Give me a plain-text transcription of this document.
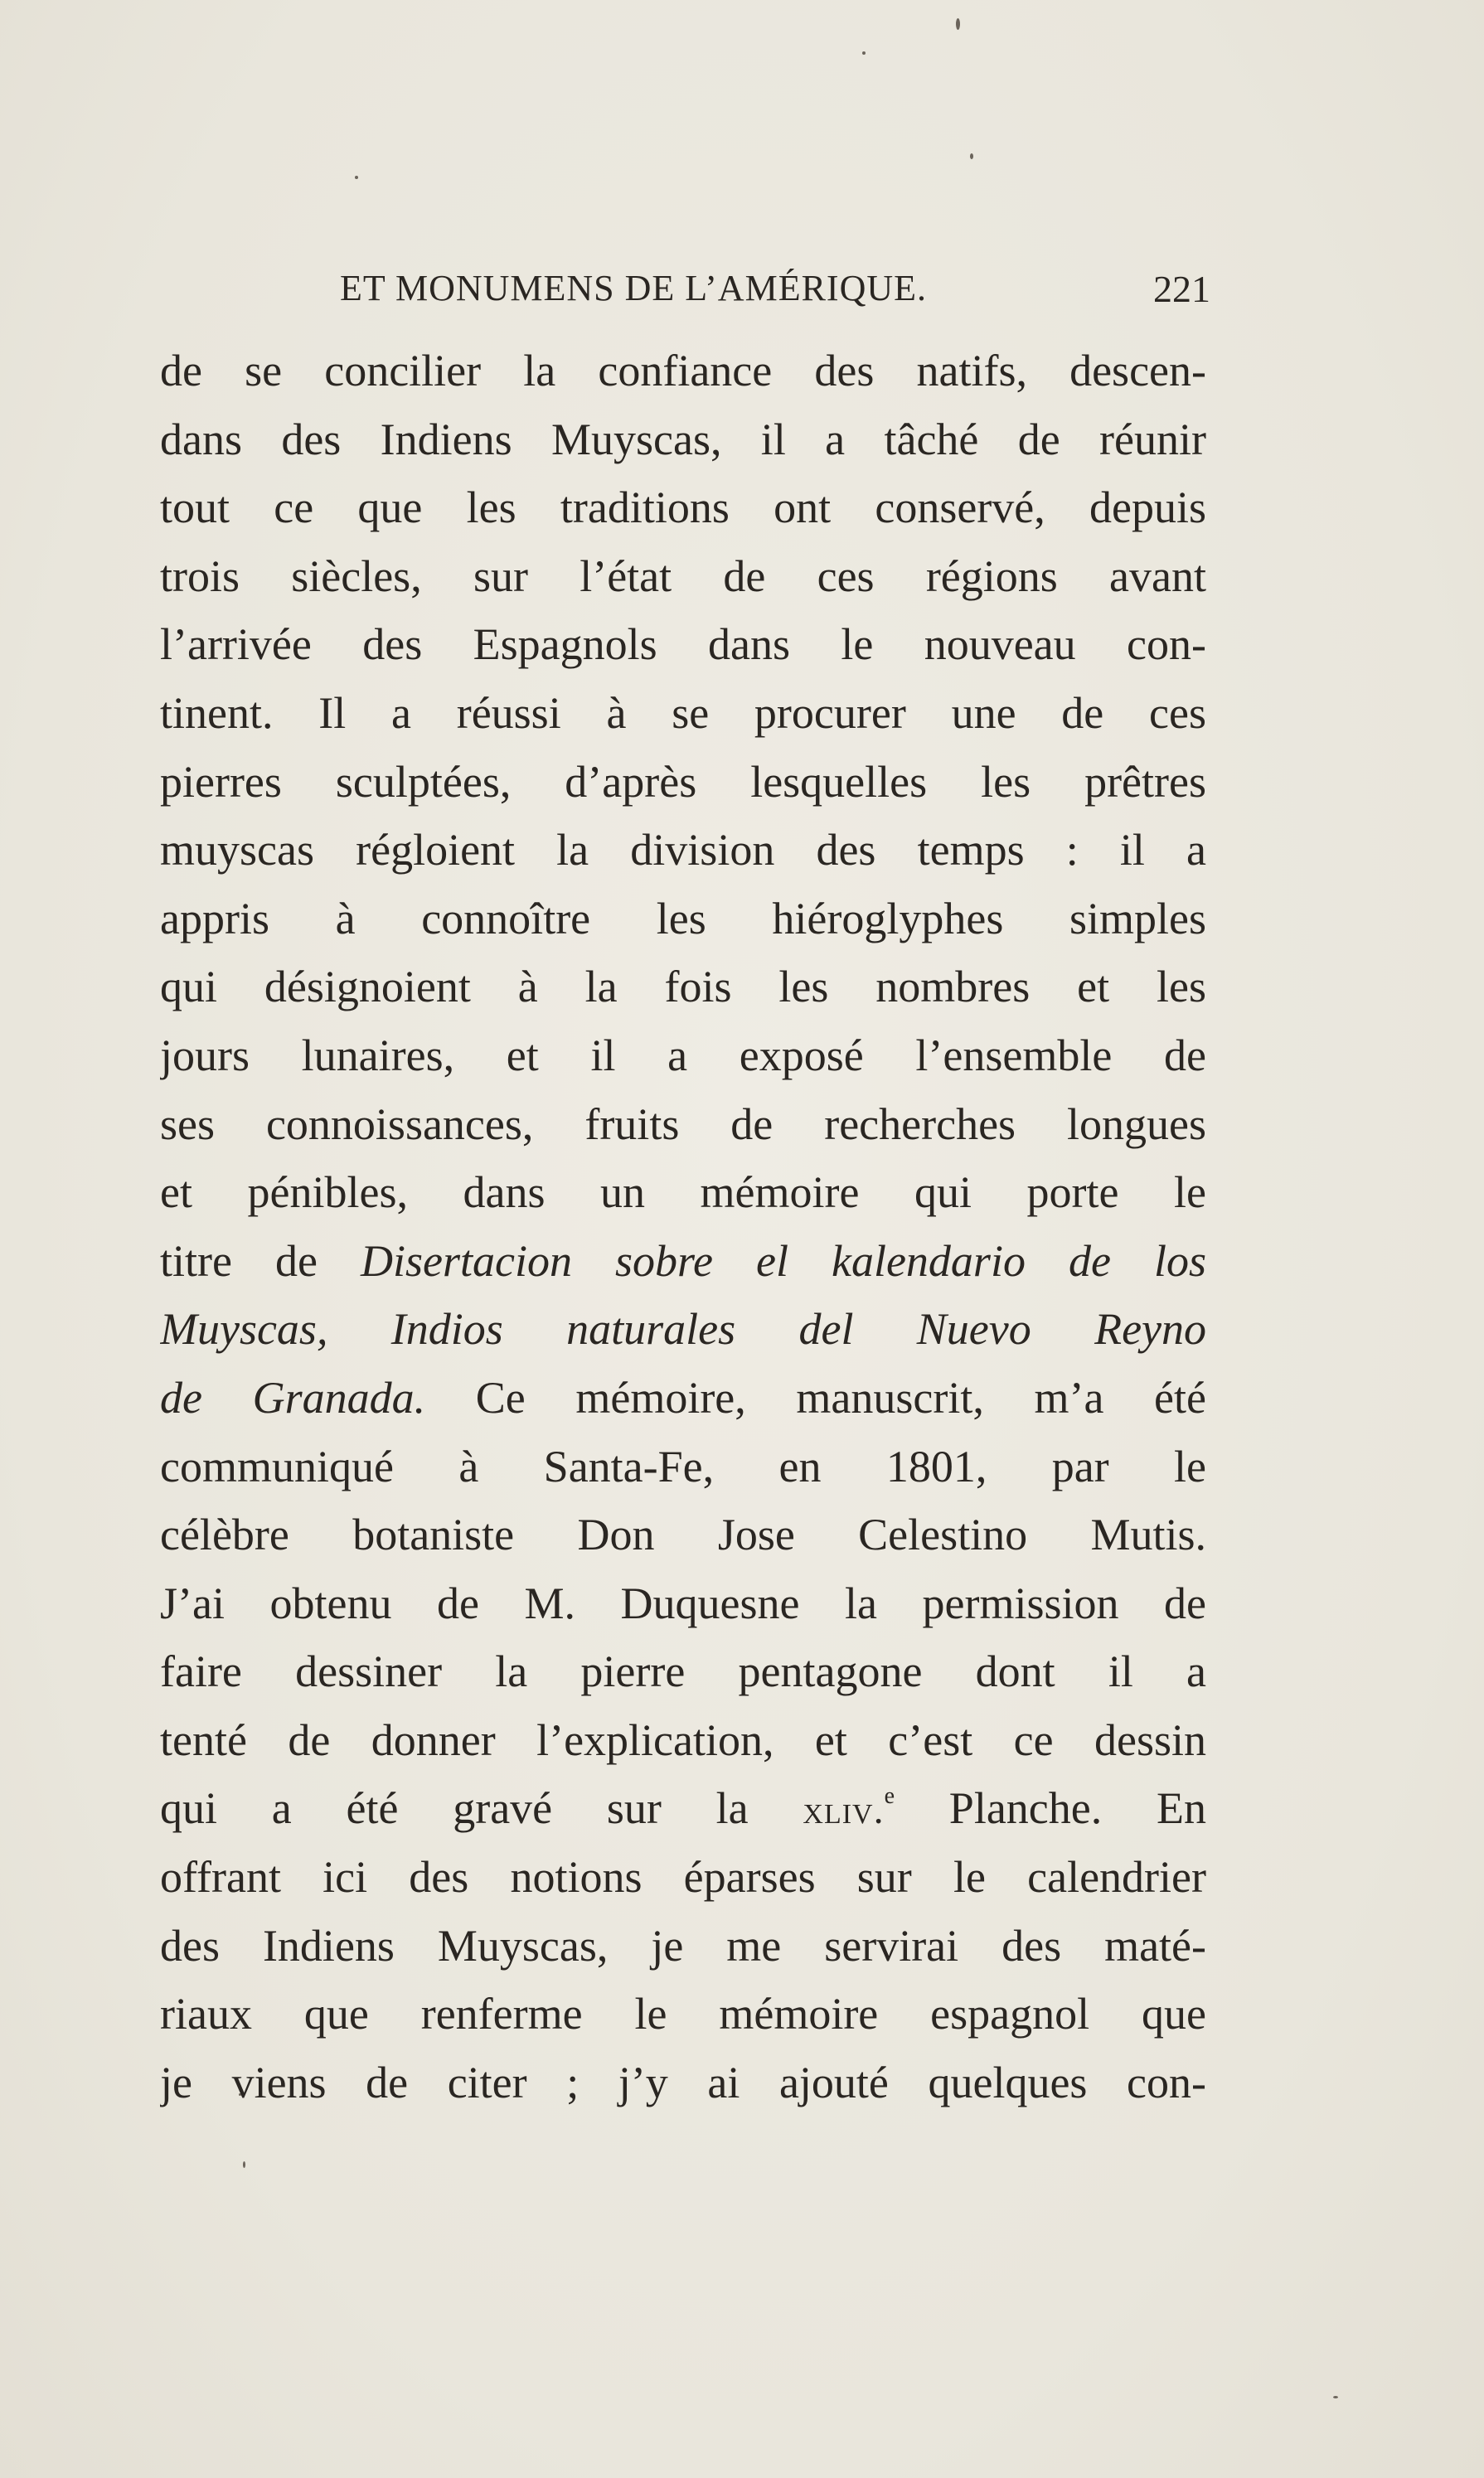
ET MONUMENS DE L’AMÉRIQUE.	221
de se concilier la confiance des natifs, descen-
dans des Indiens Muyscas, il a tâché de réunir
tout ce que les traditions ont conservé, depuis
trois siècles, sur l’état de ces régions avant
l’arrivée des Espagnols dans le nouveau con-
tinent. Il a réussi à se procurer une de ces
pierres sculptées, d’après lesquelles les prêtres
muyscas régloient la division des temps : il a
appris à connoître les hiéroglyphes simples
qui désignoient à la fois les nombres et les
jours lunaires, et il a exposé l’ensemble de
ses connoissances, fruits de recherches longues
et pénibles, dans un mémoire qui porte le
titre de Disertacion sobre el kalendario de los
Muyscas, Indios naturales del Nuevo Reyno
de Granada. Ce mémoire, manuscrit, m’a été
communiqué à Santa-Fe, en 1801, par le
célèbre botaniste Don Jose Celestino Mutis.
J’ai obtenu de M. Duquesne la permission de
faire dessiner la pierre pentagone dont il a
tenté de donner l’explication, et c’est ce dessin
qui a été gravé sur la xliv.$^e$ Planche. En
offrant ici des notions éparses sur le calendrier
des Indiens Muyscas, je me servirai des maté-
riaux que renferme le mémoire espagnol que
je viens de citer ; j’y ai ajouté quelques con-
